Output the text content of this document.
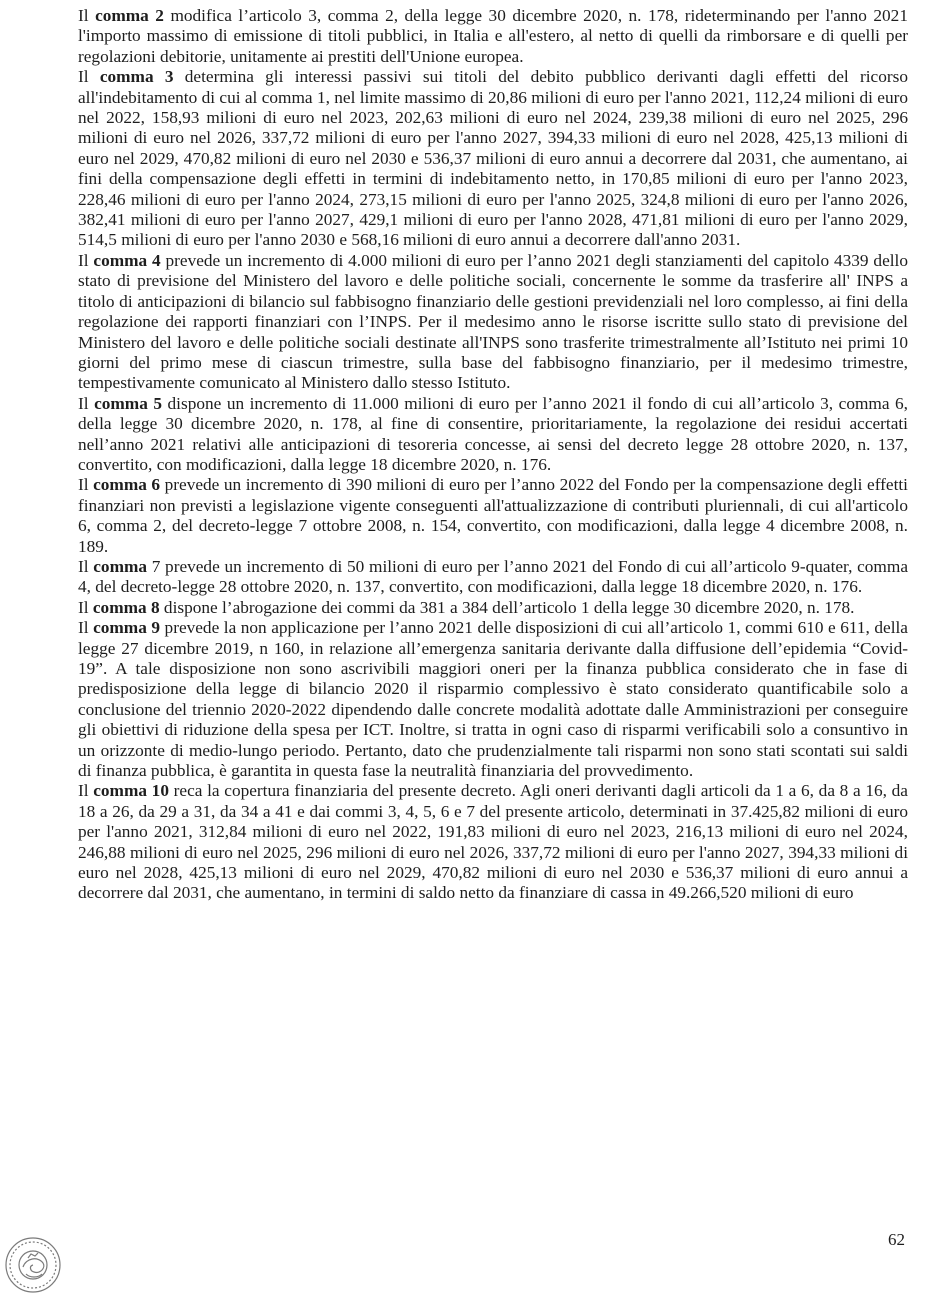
Il comma 2 modifica l’articolo 3, comma 2, della legge 30 dicembre 2020, n. 178, rideterminando per l'anno 2021 l'importo massimo di emissione di titoli pubblici, in Italia e all'estero, al netto di quelli da rimborsare e di quelli per regolazioni debitorie, unitamente ai prestiti dell'Unione europea.

Il comma 3 determina gli interessi passivi sui titoli del debito pubblico derivanti dagli effetti del ricorso all'indebitamento di cui al comma 1, nel limite massimo di 20,86 milioni di euro per l'anno 2021, 112,24 milioni di euro nel 2022, 158,93 milioni di euro nel 2023, 202,63 milioni di euro nel 2024, 239,38 milioni di euro nel 2025, 296 milioni di euro nel 2026, 337,72 milioni di euro per l'anno 2027, 394,33 milioni di euro nel 2028, 425,13 milioni di euro nel 2029, 470,82 milioni di euro nel 2030 e 536,37 milioni di euro annui a decorrere dal 2031, che aumentano, ai fini della compensazione degli effetti in termini di indebitamento netto, in 170,85 milioni di euro per l'anno 2023, 228,46 milioni di euro per l'anno 2024, 273,15 milioni di euro per l'anno 2025, 324,8 milioni di euro per l'anno 2026, 382,41 milioni di euro per l'anno 2027, 429,1 milioni di euro per l'anno 2028, 471,81 milioni di euro per l'anno 2029, 514,5 milioni di euro per l'anno 2030 e 568,16 milioni di euro annui a decorrere dall'anno 2031.

Il comma 4 prevede un incremento di 4.000 milioni di euro per l’anno 2021 degli stanziamenti del capitolo 4339 dello stato di previsione del Ministero del lavoro e delle politiche sociali, concernente le somme da trasferire all' INPS a titolo di anticipazioni di bilancio sul fabbisogno finanziario delle gestioni previdenziali nel loro complesso, ai fini della regolazione dei rapporti finanziari con l’INPS. Per il medesimo anno le risorse iscritte sullo stato di previsione del Ministero del lavoro e delle politiche sociali destinate all'INPS sono trasferite trimestralmente all’Istituto nei primi 10 giorni del primo mese di ciascun trimestre, sulla base del fabbisogno finanziario, per il medesimo trimestre, tempestivamente comunicato al Ministero dallo stesso Istituto.

Il comma 5 dispone un incremento di 11.000 milioni di euro per l’anno 2021 il fondo di cui all’articolo 3, comma 6, della legge 30 dicembre 2020, n. 178, al fine di consentire, prioritariamente, la regolazione dei residui accertati nell’anno 2021 relativi alle anticipazioni di tesoreria concesse, ai sensi del decreto legge 28 ottobre 2020, n. 137, convertito, con modificazioni, dalla legge 18 dicembre 2020, n. 176.

Il comma 6 prevede un incremento di 390 milioni di euro per l’anno 2022 del Fondo per la compensazione degli effetti finanziari non previsti a legislazione vigente conseguenti all'attualizzazione di contributi pluriennali, di cui all'articolo 6, comma 2, del decreto-legge 7 ottobre 2008, n. 154, convertito, con modificazioni, dalla legge 4 dicembre 2008, n. 189.

Il comma 7 prevede un incremento di 50 milioni di euro per l’anno 2021 del Fondo di cui all’articolo 9-quater, comma 4, del decreto-legge 28 ottobre 2020, n. 137, convertito, con modificazioni, dalla legge 18 dicembre 2020, n. 176.

Il comma 8 dispone l’abrogazione dei commi da 381 a 384 dell’articolo 1 della legge 30 dicembre 2020, n. 178.

Il comma 9 prevede la non applicazione per l’anno 2021 delle disposizioni di cui all’articolo 1, commi 610 e 611, della legge 27 dicembre 2019, n 160, in relazione all’emergenza sanitaria derivante dalla diffusione dell’epidemia “Covid-19”. A tale disposizione non sono ascrivibili maggiori oneri per la finanza pubblica considerato che in fase di predisposizione della legge di bilancio 2020 il risparmio complessivo è stato considerato quantificabile solo a conclusione del triennio 2020-2022 dipendendo dalle concrete modalità adottate dalle Amministrazioni per conseguire gli obiettivi di riduzione della spesa per ICT. Inoltre, si tratta in ogni caso di risparmi verificabili solo a consuntivo in un orizzonte di medio-lungo periodo. Pertanto, dato che prudenzialmente tali risparmi non sono stati scontati sui saldi di finanza pubblica, è garantita in questa fase la neutralità finanziaria del provvedimento.

Il comma 10 reca la copertura finanziaria del presente decreto. Agli oneri derivanti dagli articoli da 1 a 6, da 8 a 16, da 18 a 26, da 29 a 31, da 34 a 41 e dai commi 3, 4, 5, 6 e 7 del presente articolo, determinati in 37.425,82 milioni di euro per l'anno 2021, 312,84 milioni di euro nel 2022, 191,83 milioni di euro nel 2023, 216,13 milioni di euro nel 2024, 246,88 milioni di euro nel 2025, 296 milioni di euro nel 2026, 337,72 milioni di euro per l'anno 2027, 394,33 milioni di euro nel 2028, 425,13 milioni di euro nel 2029, 470,82 milioni di euro nel 2030 e 536,37 milioni di euro annui a decorrere dal 2031, che aumentano, in termini di saldo netto da finanziare di cassa in 49.266,520 milioni di euro

62
